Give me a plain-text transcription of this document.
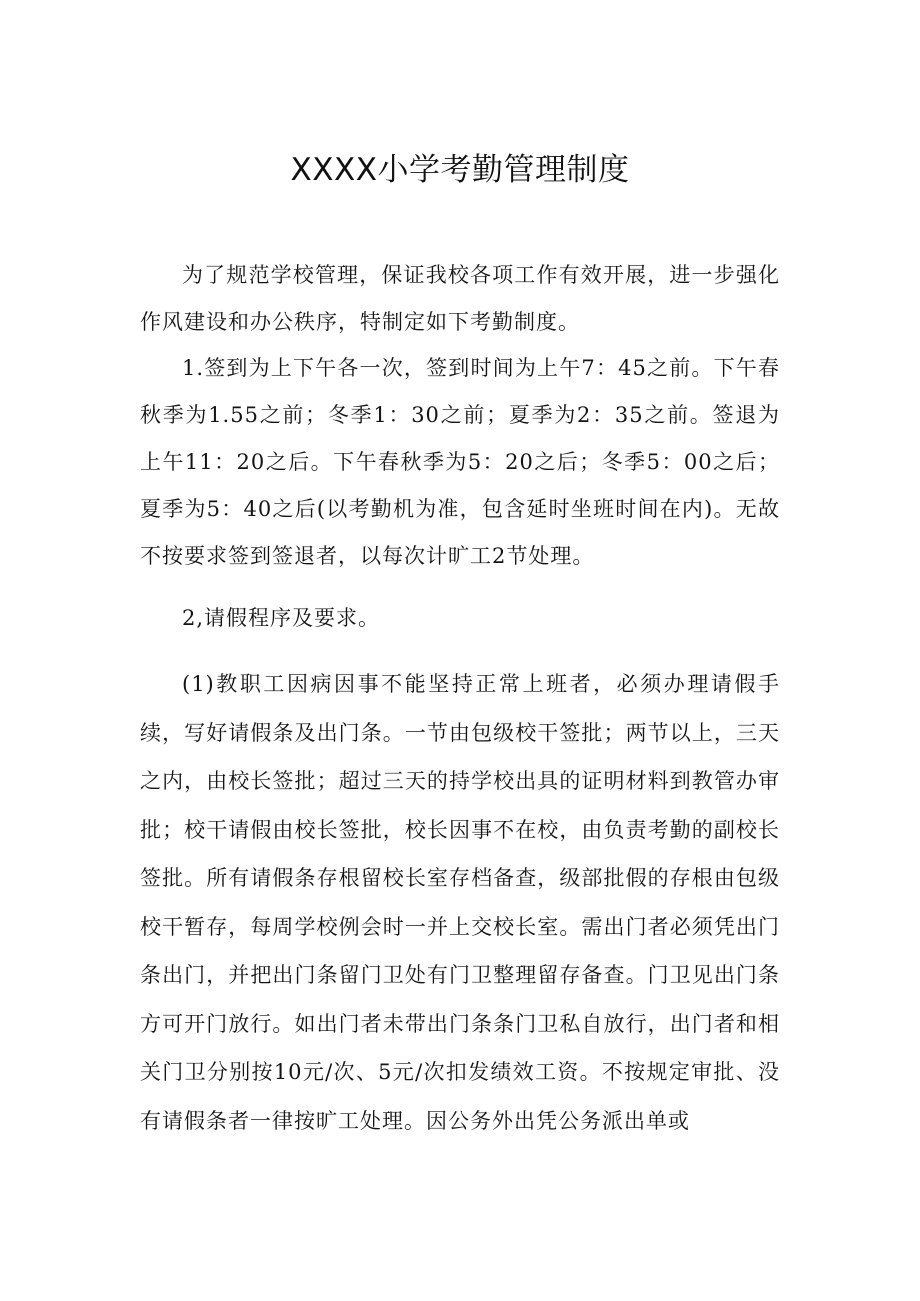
XXXX小学考勤管理制度

为了规范学校管理，保证我校各项工作有效开展，进一步强化作风建设和办公秩序，特制定如下考勤制度。

1.签到为上下午各一次，签到时间为上午7：45之前。下午春秋季为1.55之前；冬季1：30之前；夏季为2：35之前。签退为上午11：20之后。下午春秋季为5：20之后；冬季5：00之后；夏季为5：40之后(以考勤机为准，包含延时坐班时间在内)。无故不按要求签到签退者，以每次计旷工2节处理。

2,请假程序及要求。

(1)教职工因病因事不能坚持正常上班者，必须办理请假手续，写好请假条及出门条。一节由包级校干签批；两节以上，三天之内，由校长签批；超过三天的持学校出具的证明材料到教管办审批；校干请假由校长签批，校长因事不在校，由负责考勤的副校长签批。所有请假条存根留校长室存档备查，级部批假的存根由包级校干暂存，每周学校例会时一并上交校长室。需出门者必须凭出门条出门，并把出门条留门卫处有门卫整理留存备查。门卫见出门条方可开门放行。如出门者未带出门条条门卫私自放行，出门者和相关门卫分别按10元/次、5元/次扣发绩效工资。不按规定审批、没有请假条者一律按旷工处理。因公务外出凭公务派出单或
